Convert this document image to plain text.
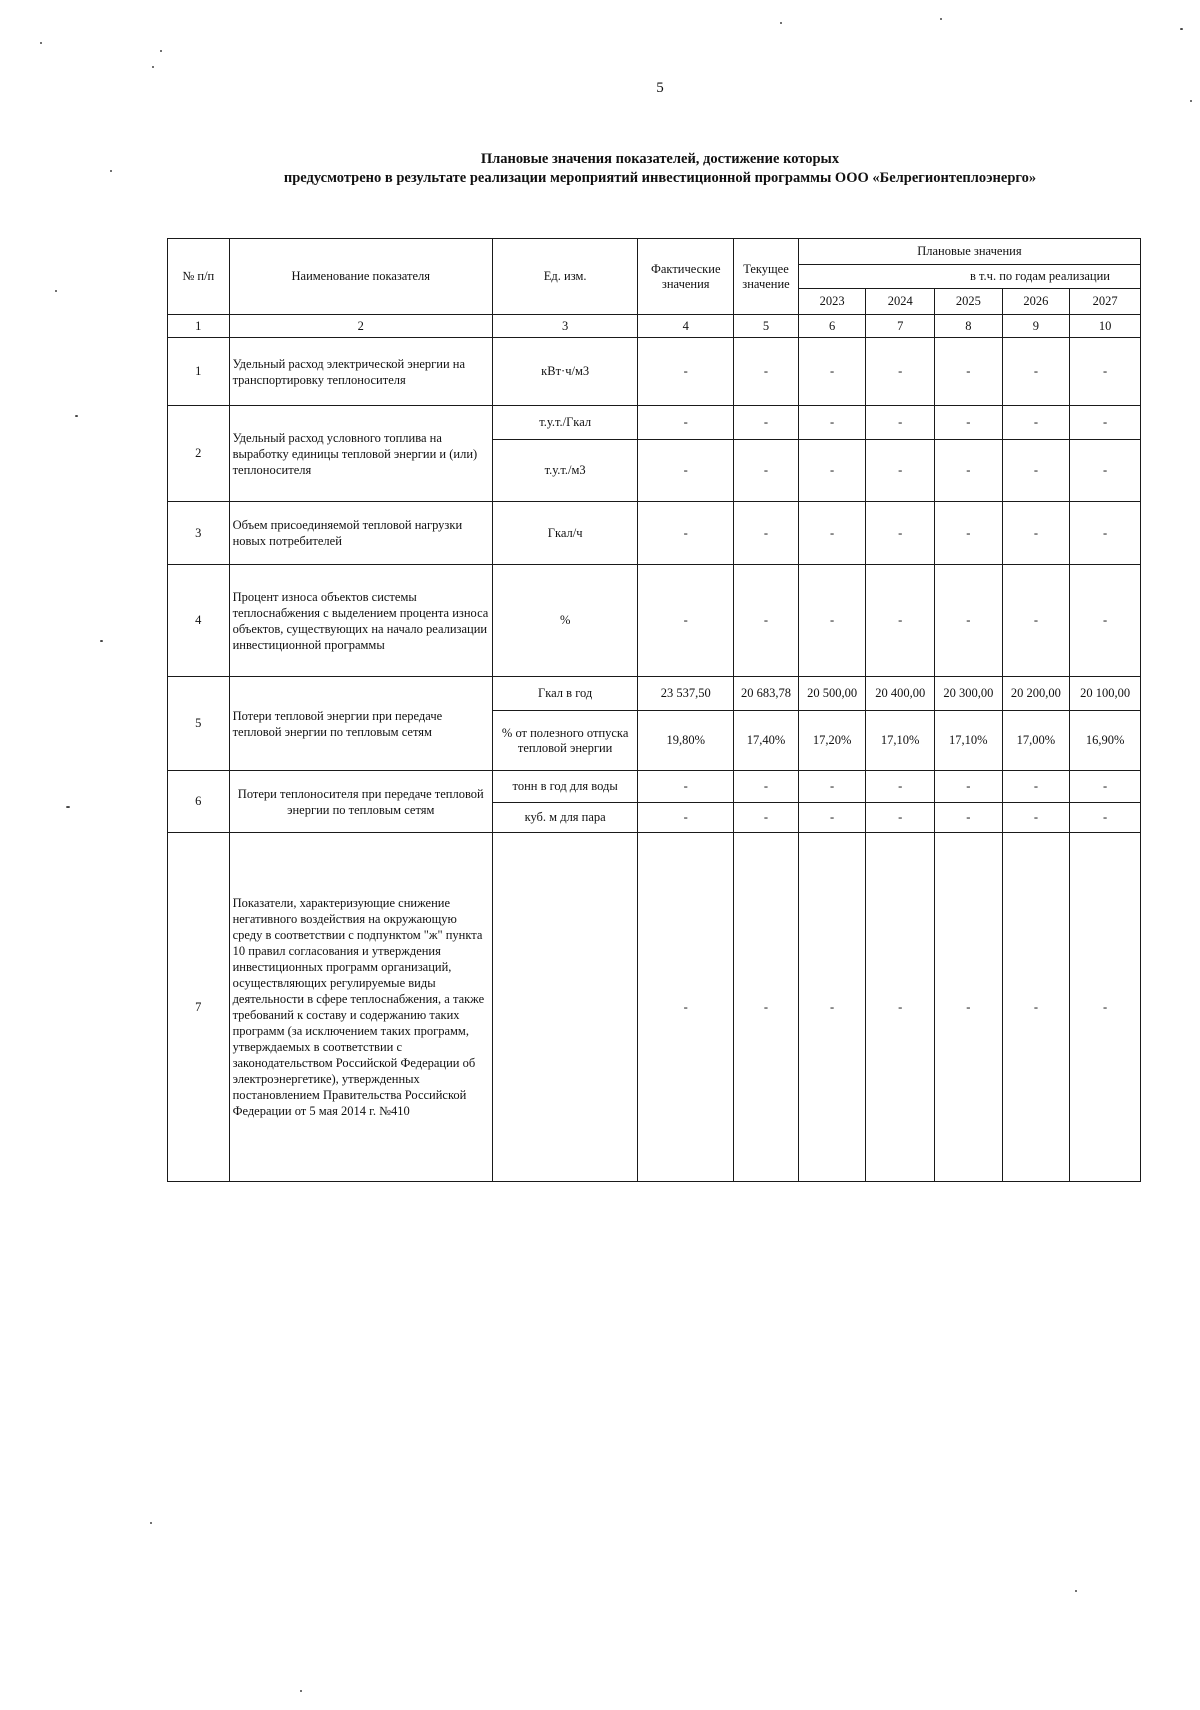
5
Плановые значения показателей, достижение которых
предусмотрено в результате реализации мероприятий инвестиционной программы ООО «Белрегионтеплоэнерго»
№ п/п	Наименование показателя	Ед. изм.	Фактические значения	Текущее значение	Плановые значения				
					в т.ч. по годам реализации				
					2023	2024	2025	2026	2027
1	2	3	4	5	6	7	8	9	10
1	Удельный расход электрической энергии на транспортировку теплоносителя	кВт·ч/м3	-	-	-	-	-	-	-
2	Удельный расход условного топлива на выработку единицы тепловой энергии и (или) теплоносителя	т.у.т./Гкал	-	-	-	-	-	-	-
		т.у.т./м3	-	-	-	-	-	-	-
3	Объем присоединяемой тепловой нагрузки новых потребителей	Гкал/ч	-	-	-	-	-	-	-
4	Процент износа объектов системы теплоснабжения с выделением процента износа объектов, существующих на начало реализации инвестиционной программы	%	-	-	-	-	-	-	-
5	Потери тепловой энергии при передаче тепловой энергии по тепловым сетям	Гкал в год	23 537,50	20 683,78	20 500,00	20 400,00	20 300,00	20 200,00	20 100,00
		% от полезного отпуска тепловой энергии	19,80%	17,40%	17,20%	17,10%	17,10%	17,00%	16,90%
6	Потери теплоносителя при передаче тепловой энергии по тепловым сетям	тонн в год для воды	-	-	-	-	-	-	-
		куб. м для пара	-	-	-	-	-	-	-
7	Показатели, характеризующие снижение негативного воздействия на окружающую среду в соответствии с подпунктом "ж" пункта 10 правил согласования и утверждения инвестиционных программ организаций, осуществляющих регулируемые виды деятельности в сфере теплоснабжения, а также требований к составу и содержанию таких программ (за исключением таких программ, утверждаемых в соответствии с законодательством Российской Федерации об электроэнергетике), утвержденных постановлением Правительства Российской Федерации от 5 мая 2014 г. №410		-	-	-	-	-	-	-
